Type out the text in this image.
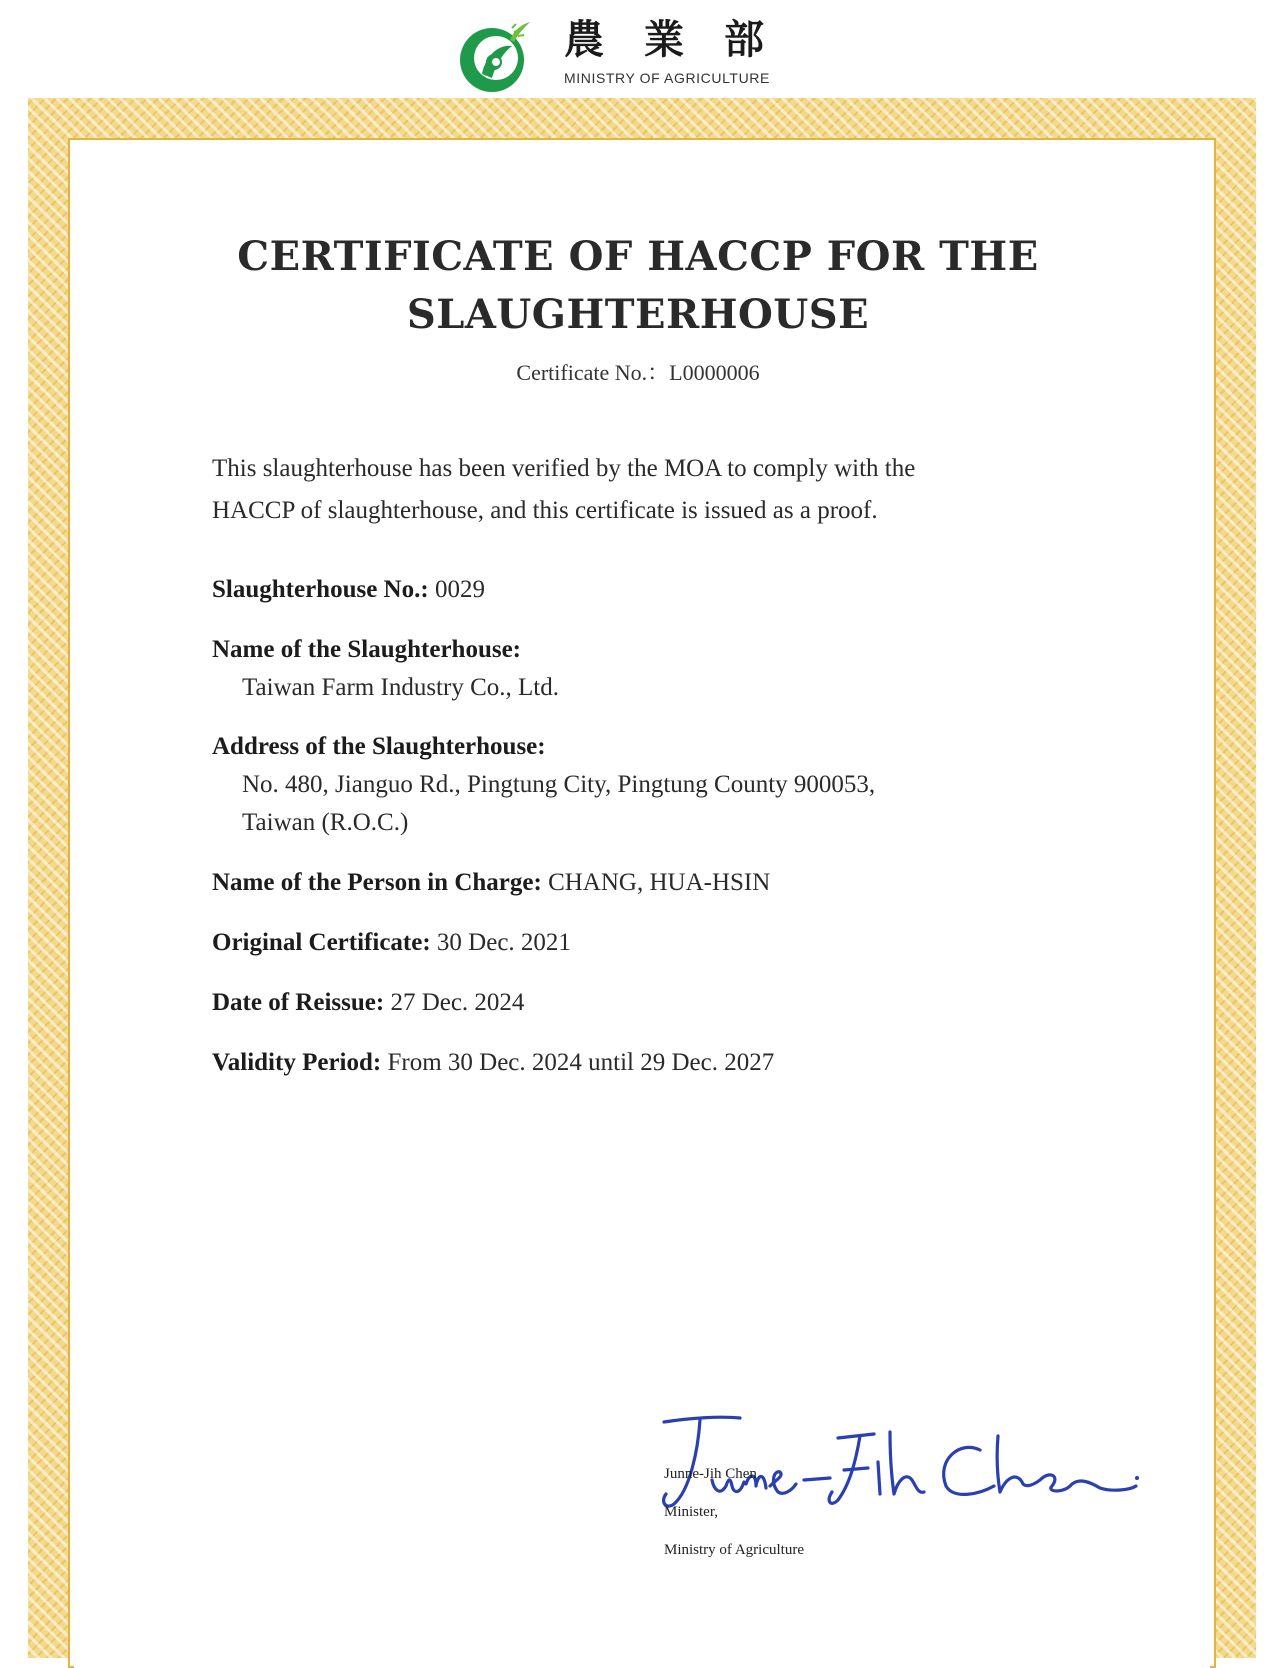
農業部
MINISTRY OF AGRICULTURE
CERTIFICATE OF HACCP FOR THE
SLAUGHTERHOUSE
Certificate No.：L0000006

This slaughterhouse has been verified by the MOA to comply with the
HACCP of slaughterhouse, and this certificate is issued as a proof.

Slaughterhouse No.: 0029
Name of the Slaughterhouse:
Taiwan Farm Industry Co., Ltd.
Address of the Slaughterhouse:
No. 480, Jianguo Rd., Pingtung City, Pingtung County 900053,
Taiwan (R.O.C.)
Name of the Person in Charge: CHANG, HUA-HSIN
Original Certificate: 30 Dec. 2021
Date of Reissue: 27 Dec. 2024
Validity Period: From 30 Dec. 2024 until 29 Dec. 2027
Junne-Jih Chen
Minister,
Ministry of Agriculture
